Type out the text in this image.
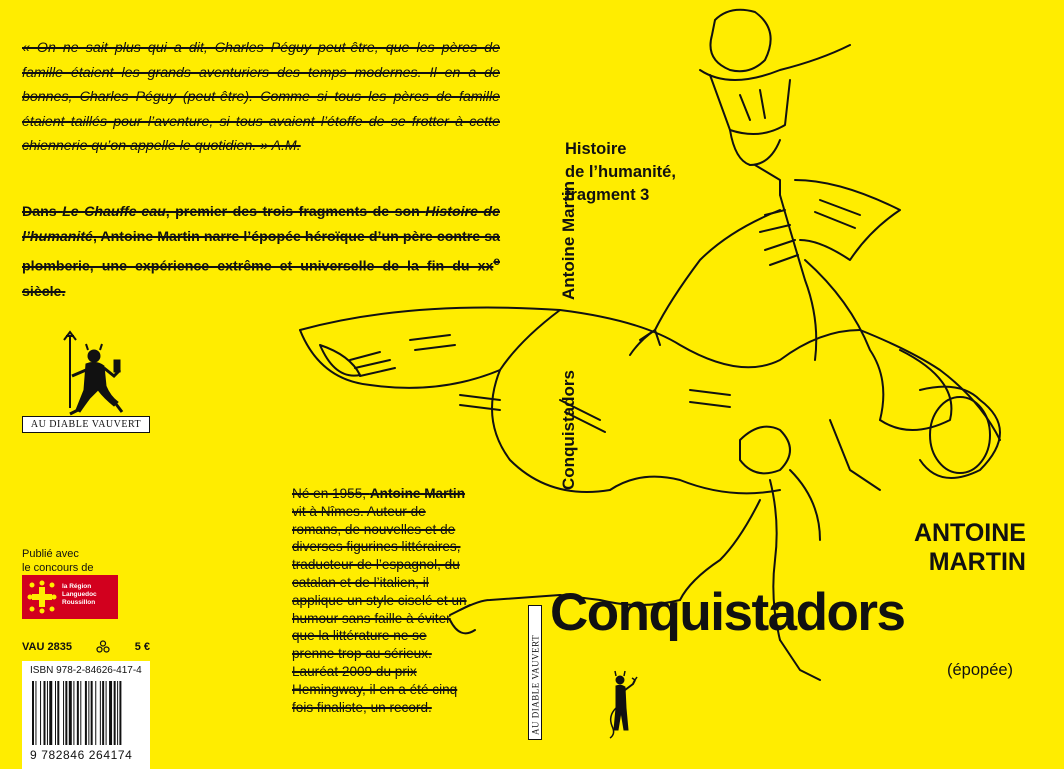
« On ne sait plus qui a dit, Charles Péguy peut-être, que les pères de famille étaient les grands aventuriers des temps modernes. Il en a de bonnes, Charles Péguy (peut-être). Comme si tous les pères de famille étaient taillés pour l’aventure, si tous avaient l’étoffe de se frotter à cette chiennerie qu’on appelle le quotidien. » A.M.
Dans Le Chauffe-eau, premier des trois fragments de son Histoire de l’humanité, Antoine Martin narre l’épopée héroïque d’un père contre sa plomberie, une expérience extrême et universelle de la fin du $xx^e$ siècle.
AU DIABLE VAUVERT
Né en 1955, Antoine Martin vit à Nîmes. Auteur de romans, de nouvelles et de diverses figurines littéraires, traducteur de l’espagnol, du catalan et de l’italien, il applique un style ciselé et un humour sans faille à éviter que la littérature ne se prenne trop au sérieux. Lauréat 2009 du prix Hemingway, il en a été cinq fois finaliste, un record.
Publié avec
le concours de
la Région
Languedoc
Roussillon
VAU 2835	5 €
ISBN 978-2-84626-417-4
9 782846 264174
Conquistadors
Antoine Martin
AU DIABLE VAUVERT
Histoire
de l’humanité,
fragment 3
ANTOINE
MARTIN
Conquistadors
(épopée)
